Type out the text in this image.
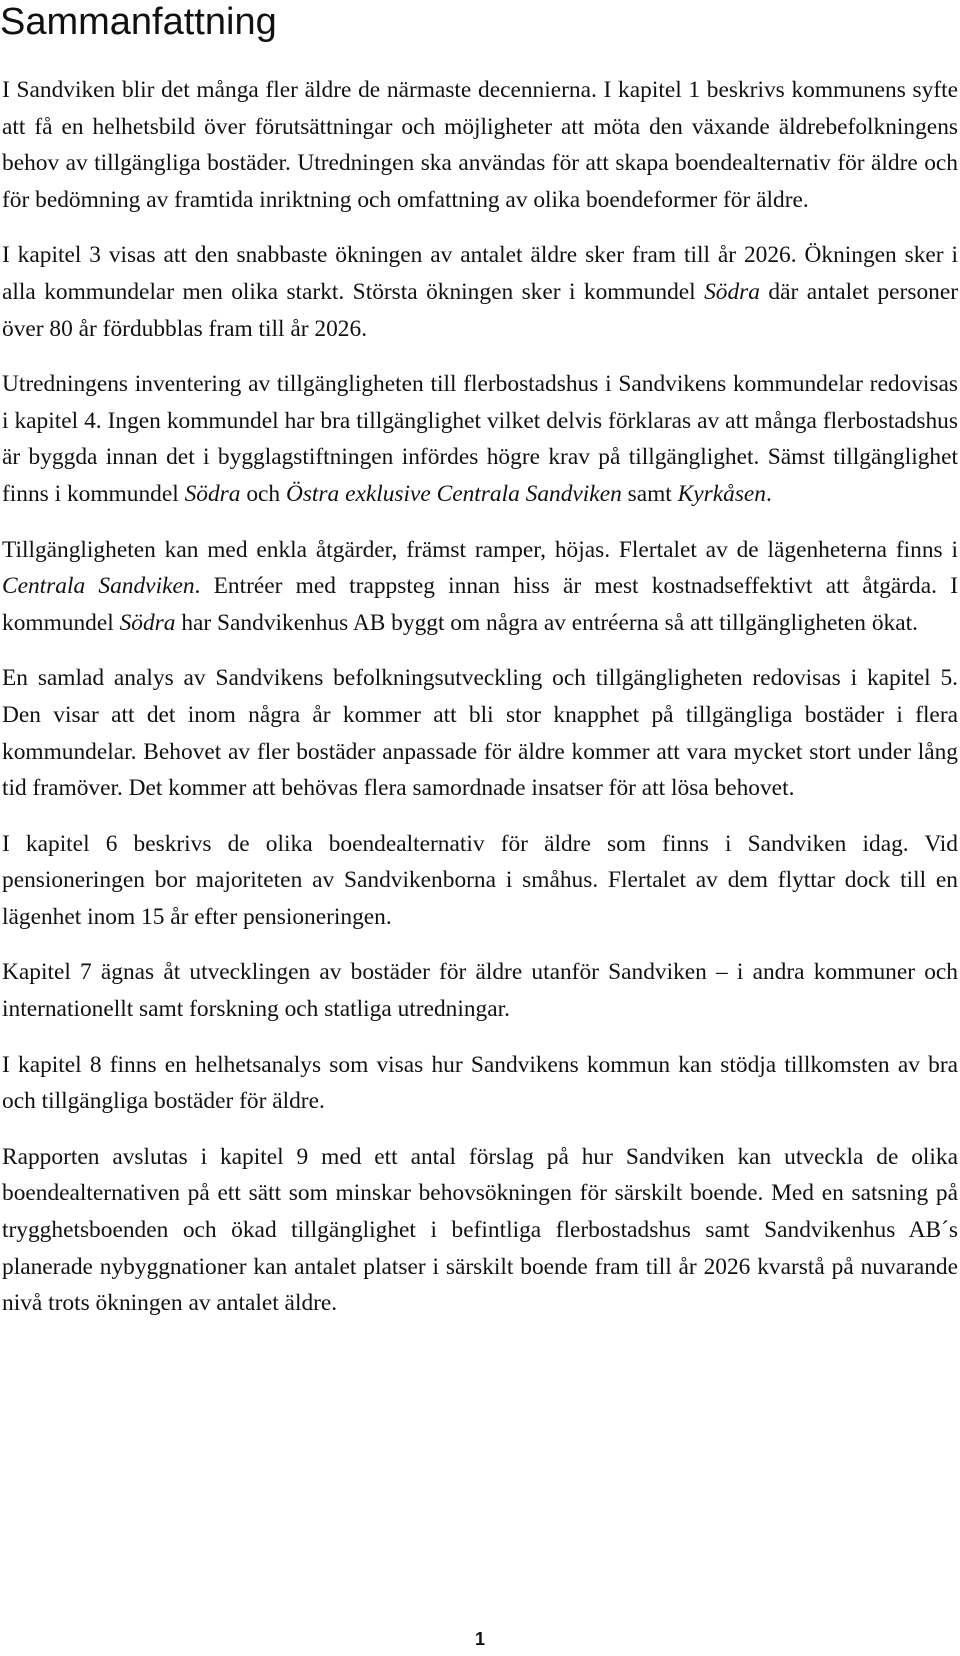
Sammanfattning

I Sandviken blir det många fler äldre de närmaste decennierna. I kapitel 1 beskrivs kommunens syfte att få en helhetsbild över förutsättningar och möjligheter att möta den växande äldrebefolkningens behov av tillgängliga bostäder. Utredningen ska användas för att skapa boendealternativ för äldre och för bedömning av framtida inriktning och omfattning av olika boendeformer för äldre.

I kapitel 3 visas att den snabbaste ökningen av antalet äldre sker fram till år 2026. Ökningen sker i alla kommundelar men olika starkt. Största ökningen sker i kommundel Södra där antalet personer över 80 år fördubblas fram till år 2026.

Utredningens inventering av tillgängligheten till flerbostadshus i Sandvikens kommundelar redovisas i kapitel 4. Ingen kommundel har bra tillgänglighet vilket delvis förklaras av att många flerbostadshus är byggda innan det i bygglagstiftningen infördes högre krav på tillgänglighet. Sämst tillgänglighet finns i kommundel Södra och Östra exklusive Centrala Sandviken samt Kyrkåsen.

Tillgängligheten kan med enkla åtgärder, främst ramper, höjas. Flertalet av de lägenheterna finns i Centrala Sandviken. Entréer med trappsteg innan hiss är mest kostnadseffektivt att åtgärda. I kommundel Södra har Sandvikenhus AB byggt om några av entréerna så att tillgängligheten ökat.

En samlad analys av Sandvikens befolkningsutveckling och tillgängligheten redovisas i kapitel 5. Den visar att det inom några år kommer att bli stor knapphet på tillgängliga bostäder i flera kommundelar. Behovet av fler bostäder anpassade för äldre kommer att vara mycket stort under lång tid framöver. Det kommer att behövas flera samordnade insatser för att lösa behovet.

I kapitel 6 beskrivs de olika boendealternativ för äldre som finns i Sandviken idag. Vid pensioneringen bor majoriteten av Sandvikenborna i småhus. Flertalet av dem flyttar dock till en lägenhet inom 15 år efter pensioneringen.

Kapitel 7 ägnas åt utvecklingen av bostäder för äldre utanför Sandviken – i andra kommuner och internationellt samt forskning och statliga utredningar.

I kapitel 8 finns en helhetsanalys som visas hur Sandvikens kommun kan stödja tillkomsten av bra och tillgängliga bostäder för äldre.

Rapporten avslutas i kapitel 9 med ett antal förslag på hur Sandviken kan utveckla de olika boendealternativen på ett sätt som minskar behovsökningen för särskilt boende. Med en satsning på trygghetsboenden och ökad tillgänglighet i befintliga flerbostadshus samt Sandvikenhus AB´s planerade nybyggnationer kan antalet platser i särskilt boende fram till år 2026 kvarstå på nuvarande nivå trots ökningen av antalet äldre.

1
